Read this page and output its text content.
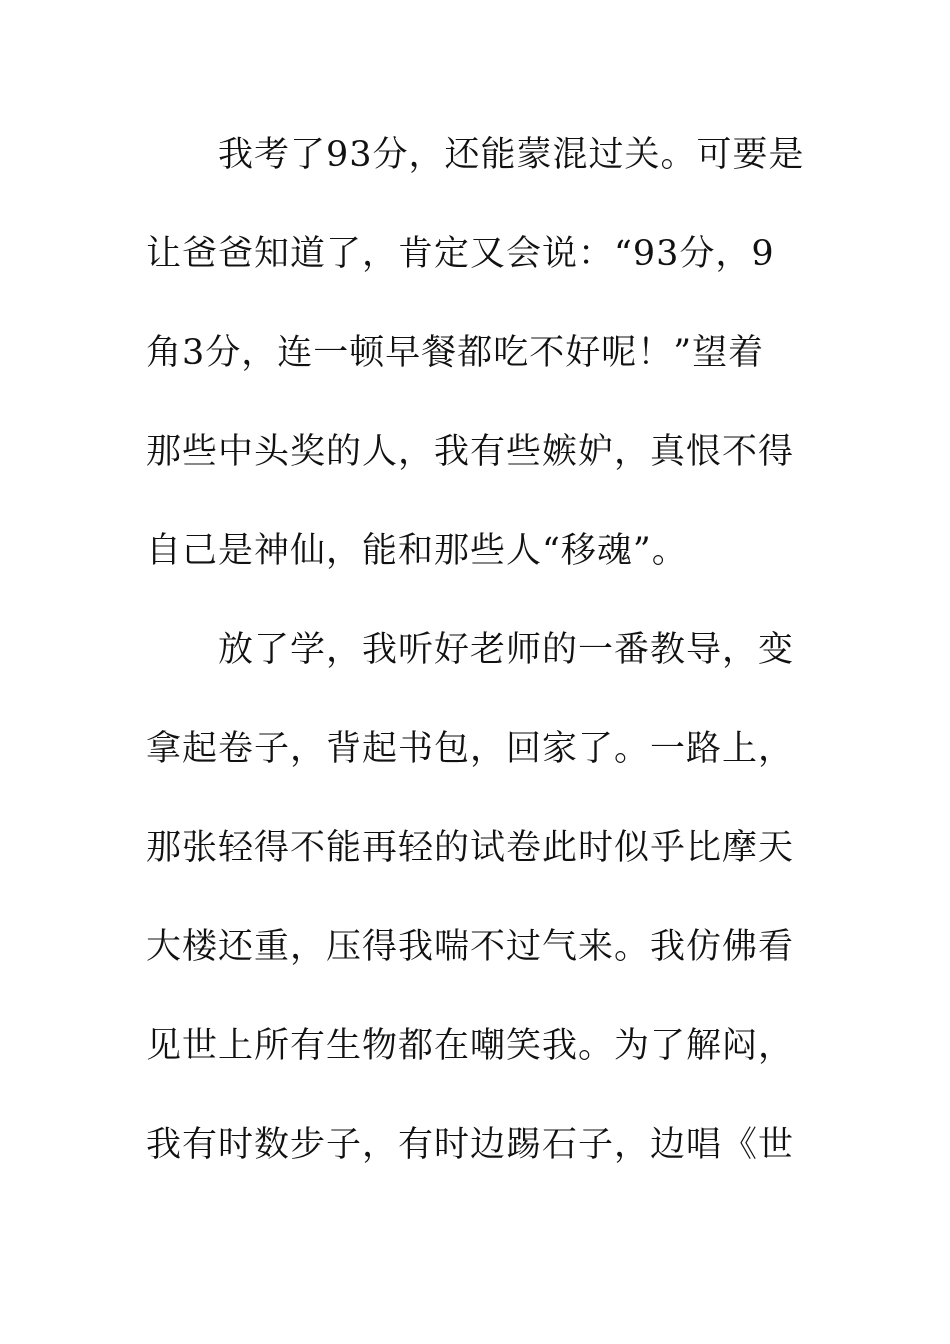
　　我考了93分，还能蒙混过关。可要是
让爸爸知道了，肯定又会说：“93分，9
角3分，连一顿早餐都吃不好呢！”望着
那些中头奖的人，我有些嫉妒，真恨不得
自己是神仙，能和那些人“移魂”。
　　放了学，我听好老师的一番教导，变
拿起卷子，背起书包，回家了。一路上，
那张轻得不能再轻的试卷此时似乎比摩天
大楼还重，压得我喘不过气来。我仿佛看
见世上所有生物都在嘲笑我。为了解闷，
我有时数步子，有时边踢石子，边唱《世
